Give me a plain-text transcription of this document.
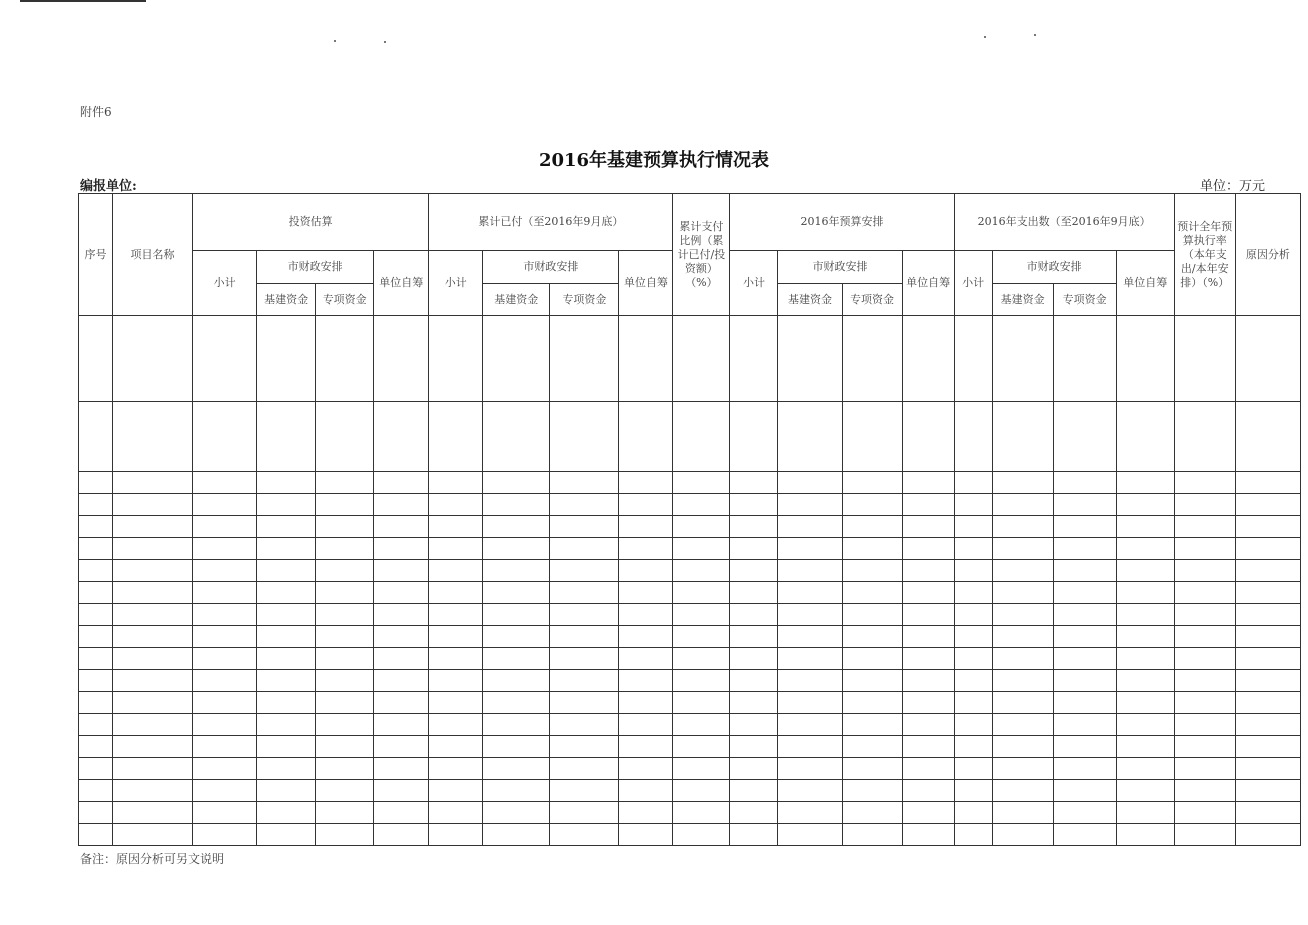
附件6
2016年基建预算执行情况表
编报单位:	单位：万元
序号	项目名称	投资估算				累计已付（至2016年9月底）				累计支付比例（累计已付/投资额）（%）	2016年预算安排				2016年支出数（至2016年9月底）				预计全年预算执行率（本年支出/本年安排）（%）	原因分析
		小计	市财政安排		单位自筹	小计	市财政安排		单位自筹		小计	市财政安排		单位自筹	小计	市财政安排		单位自筹		
			基建资金	专项资金			基建资金	专项资金				基建资金	专项资金			基建资金	专项资金			

备注：原因分析可另文说明
